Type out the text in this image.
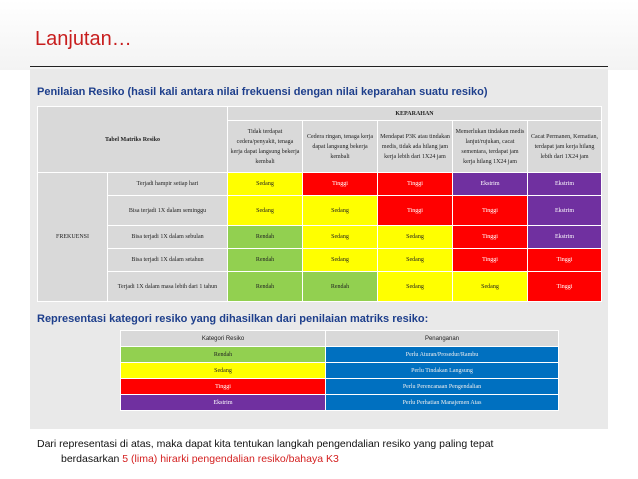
Lanjutan…
Penilaian Resiko (hasil kali antara nilai frekuensi dengan nilai keparahan suatu resiko)
Tabel Matriks Resiko		KEPARAHAN				
		Tidak terdapat cedera/penyakit, tenaga kerja dapat langsung bekerja kembali	Cedera ringan, tenaga kerja dapat langsung bekerja kembali	Mendapat P3K atau tindakan medis, tidak ada hilang jam kerja lebih dari 1X24 jam	Memerlukan tindakan medis lanjut/rujukan, cacat sementara, terdapat jam kerja hilang 1X24 jam	Cacat Permanen, Kematian, terdapat jam kerja hilang lebih dari 1X24 jam
FREKUENSI	Terjadi hampir setiap hari	Sedang	Tinggi	Tinggi	Ekstrim	Ekstrim
	Bisa terjadi 1X dalam seminggu	Sedang	Sedang	Tinggi	Tinggi	Ekstrim
	Bisa terjadi 1X dalam sebulan	Rendah	Sedang	Sedang	Tinggi	Ekstrim
	Bisa terjadi 1X dalam setahun	Rendah	Sedang	Sedang	Tinggi	Tinggi
	Terjadi 1X dalam masa lebih dari 1 tahun	Rendah	Rendah	Sedang	Sedang	Tinggi
Representasi kategori resiko yang dihasilkan dari penilaian matriks resiko:
Kategori Resiko	Penanganan
Rendah	Perlu Aturan/Prosedur/Rambu
Sedang	Perlu Tindakan Langsung
Tinggi	Perlu Perencanaan Pengendalian
Ekstrim	Perlu Perhatian Manajemen Atas
Dari representasi di atas, maka dapat kita tentukan langkah pengendalian resiko yang paling tepat
berdasarkan 5 (lima) hirarki pengendalian resiko/bahaya K3
